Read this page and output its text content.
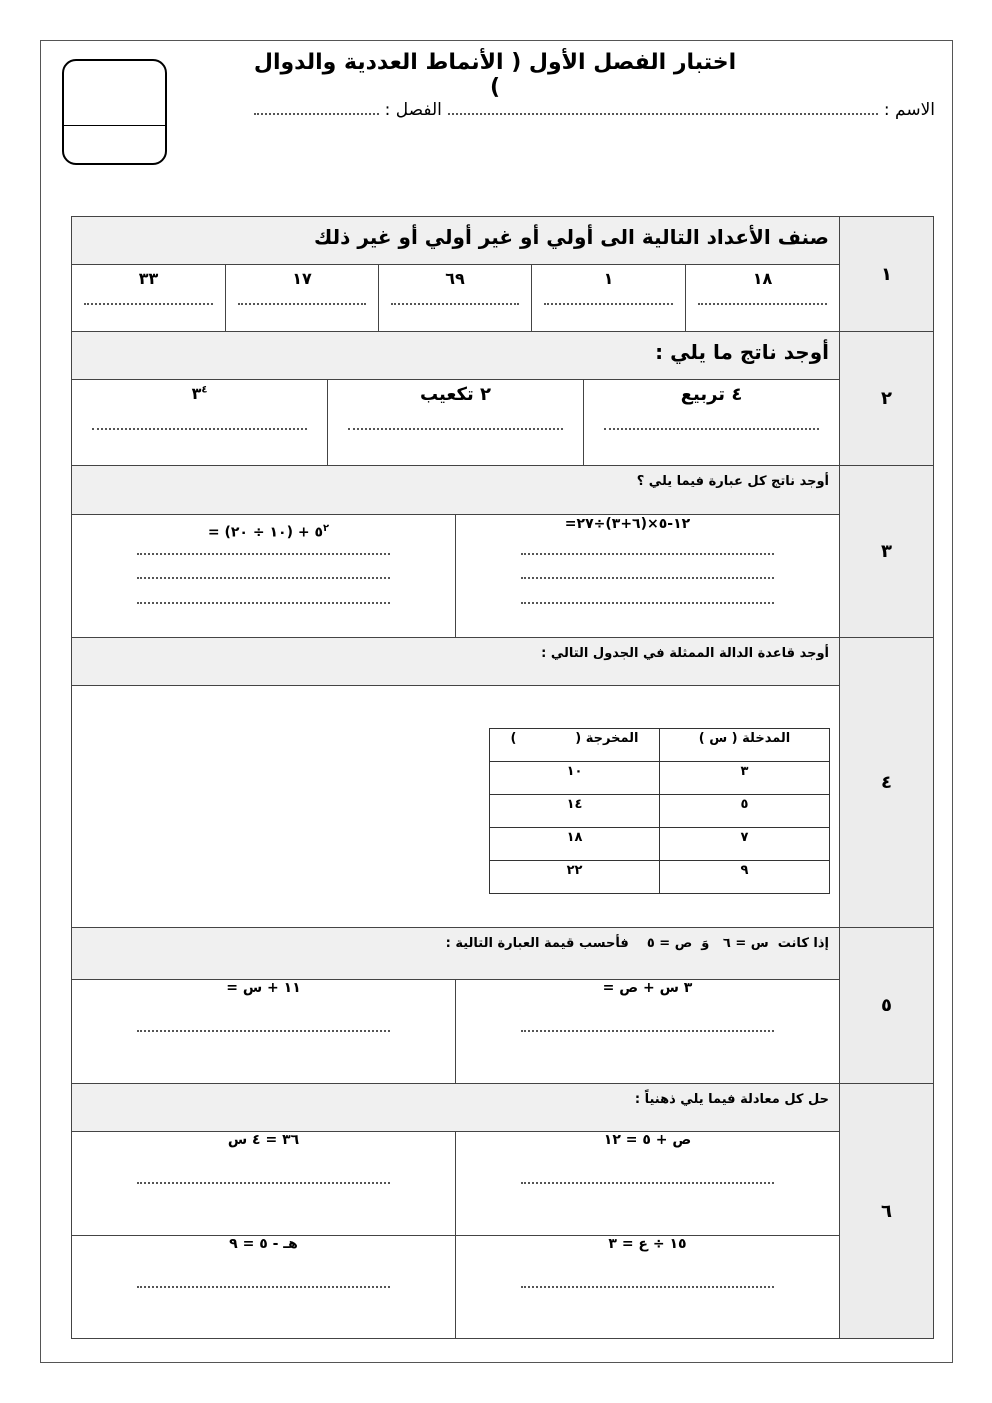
اختبار الفصل الأول ( الأنماط العددية والدوال )
الاسم :
الفصل :
١
صنف الأعداد التالية الى أولي أو غير أولي أو غير ذلك
١٨
١
٦٩
١٧
٣٣
٢
أوجد ناتج ما يلي :
٤ تربيع
٢ تكعيب
$٣^٤$
٣
أوجد ناتج كل عبارة فيما يلي ؟
=١٢-٥×(٦+٣)÷٢٧
= (١٠ ÷ ٢٠) + $٥^٢$
٤
أوجد قاعدة الدالة الممثلة في الجدول التالي :
المدخلة ( س )	المخرجة (             )
٣	١٠
٥	١٤
٧	١٨
٩	٢٢
٥
إذا كانت  س = ٦   وَ  ص = ٥    فأحسب قيمة العبارة التالية :
٣ س + ص =
١١ + س =
٦
حل كل معادلة فيما يلي ذهنياً :
ص + ٥ = ١٢
٣٦ = ٤ س
١٥ ÷ ع = ٣
هـ - ٥ = ٩
